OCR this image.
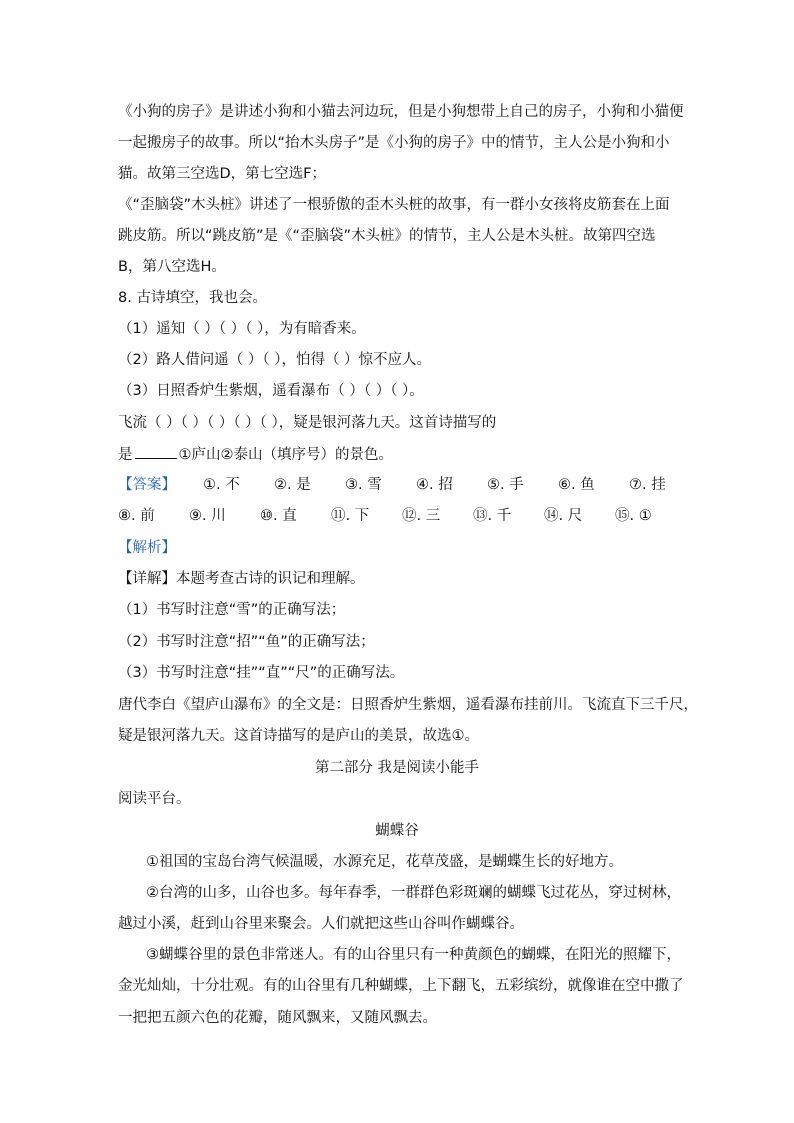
《小狗的房子》是讲述小狗和小猫去河边玩，但是小狗想带上自己的房子，小狗和小猫便
一起搬房子的故事。所以“抬木头房子”是《小狗的房子》中的情节，主人公是小狗和小
猫。故第三空选D，第七空选F；
《“歪脑袋”木头桩》讲述了一根骄傲的歪木头桩的故事，有一群小女孩将皮筋套在上面
跳皮筋。所以“跳皮筋”是《“歪脑袋”木头桩》的情节，主人公是木头桩。故第四空选
B，第八空选H。
8. 古诗填空，我也会。
（1）遥知（ ）（ ）（ ），为有暗香来。
（2）路人借问遥（ ）（ ），怕得（ ）惊不应人。
（3）日照香炉生紫烟，遥看瀑布（ ）（ ）（ ）。
飞流（ ）（ ）（ ）（ ）（ ），疑是银河落九天。这首诗描写的
是	①庐山②泰山（填序号）的景色。
【答案】 ①. 不 ②. 是 ③. 雪 ④. 招 ⑤. 手 ⑥. 鱼 ⑦. 挂
⑧. 前 ⑨. 川 ⑩. 直 ⑪. 下 ⑫. 三 ⑬. 千 ⑭. 尺 ⑮. ①
【解析】
【详解】本题考查古诗的识记和理解。
（1）书写时注意“雪”的正确写法；
（2）书写时注意“招”“鱼”的正确写法；
（3）书写时注意“挂”“直”“尺”的正确写法。
唐代李白《望庐山瀑布》的全文是：日照香炉生紫烟，遥看瀑布挂前川。飞流直下三千尺，
疑是银河落九天。这首诗描写的是庐山的美景，故选①。
第二部分 我是阅读小能手
阅读平台。
蝴蝶谷
①祖国的宝岛台湾气候温暖，水源充足，花草茂盛，是蝴蝶生长的好地方。
②台湾的山多，山谷也多。每年春季，一群群色彩斑斓的蝴蝶飞过花丛，穿过树林，
越过小溪，赶到山谷里来聚会。人们就把这些山谷叫作蝴蝶谷。
③蝴蝶谷里的景色非常迷人。有的山谷里只有一种黄颜色的蝴蝶，在阳光的照耀下，
金光灿灿，十分壮观。有的山谷里有几种蝴蝶，上下翻飞，五彩缤纷，就像谁在空中撒了
一把把五颜六色的花瓣，随风飘来，又随风飘去。
